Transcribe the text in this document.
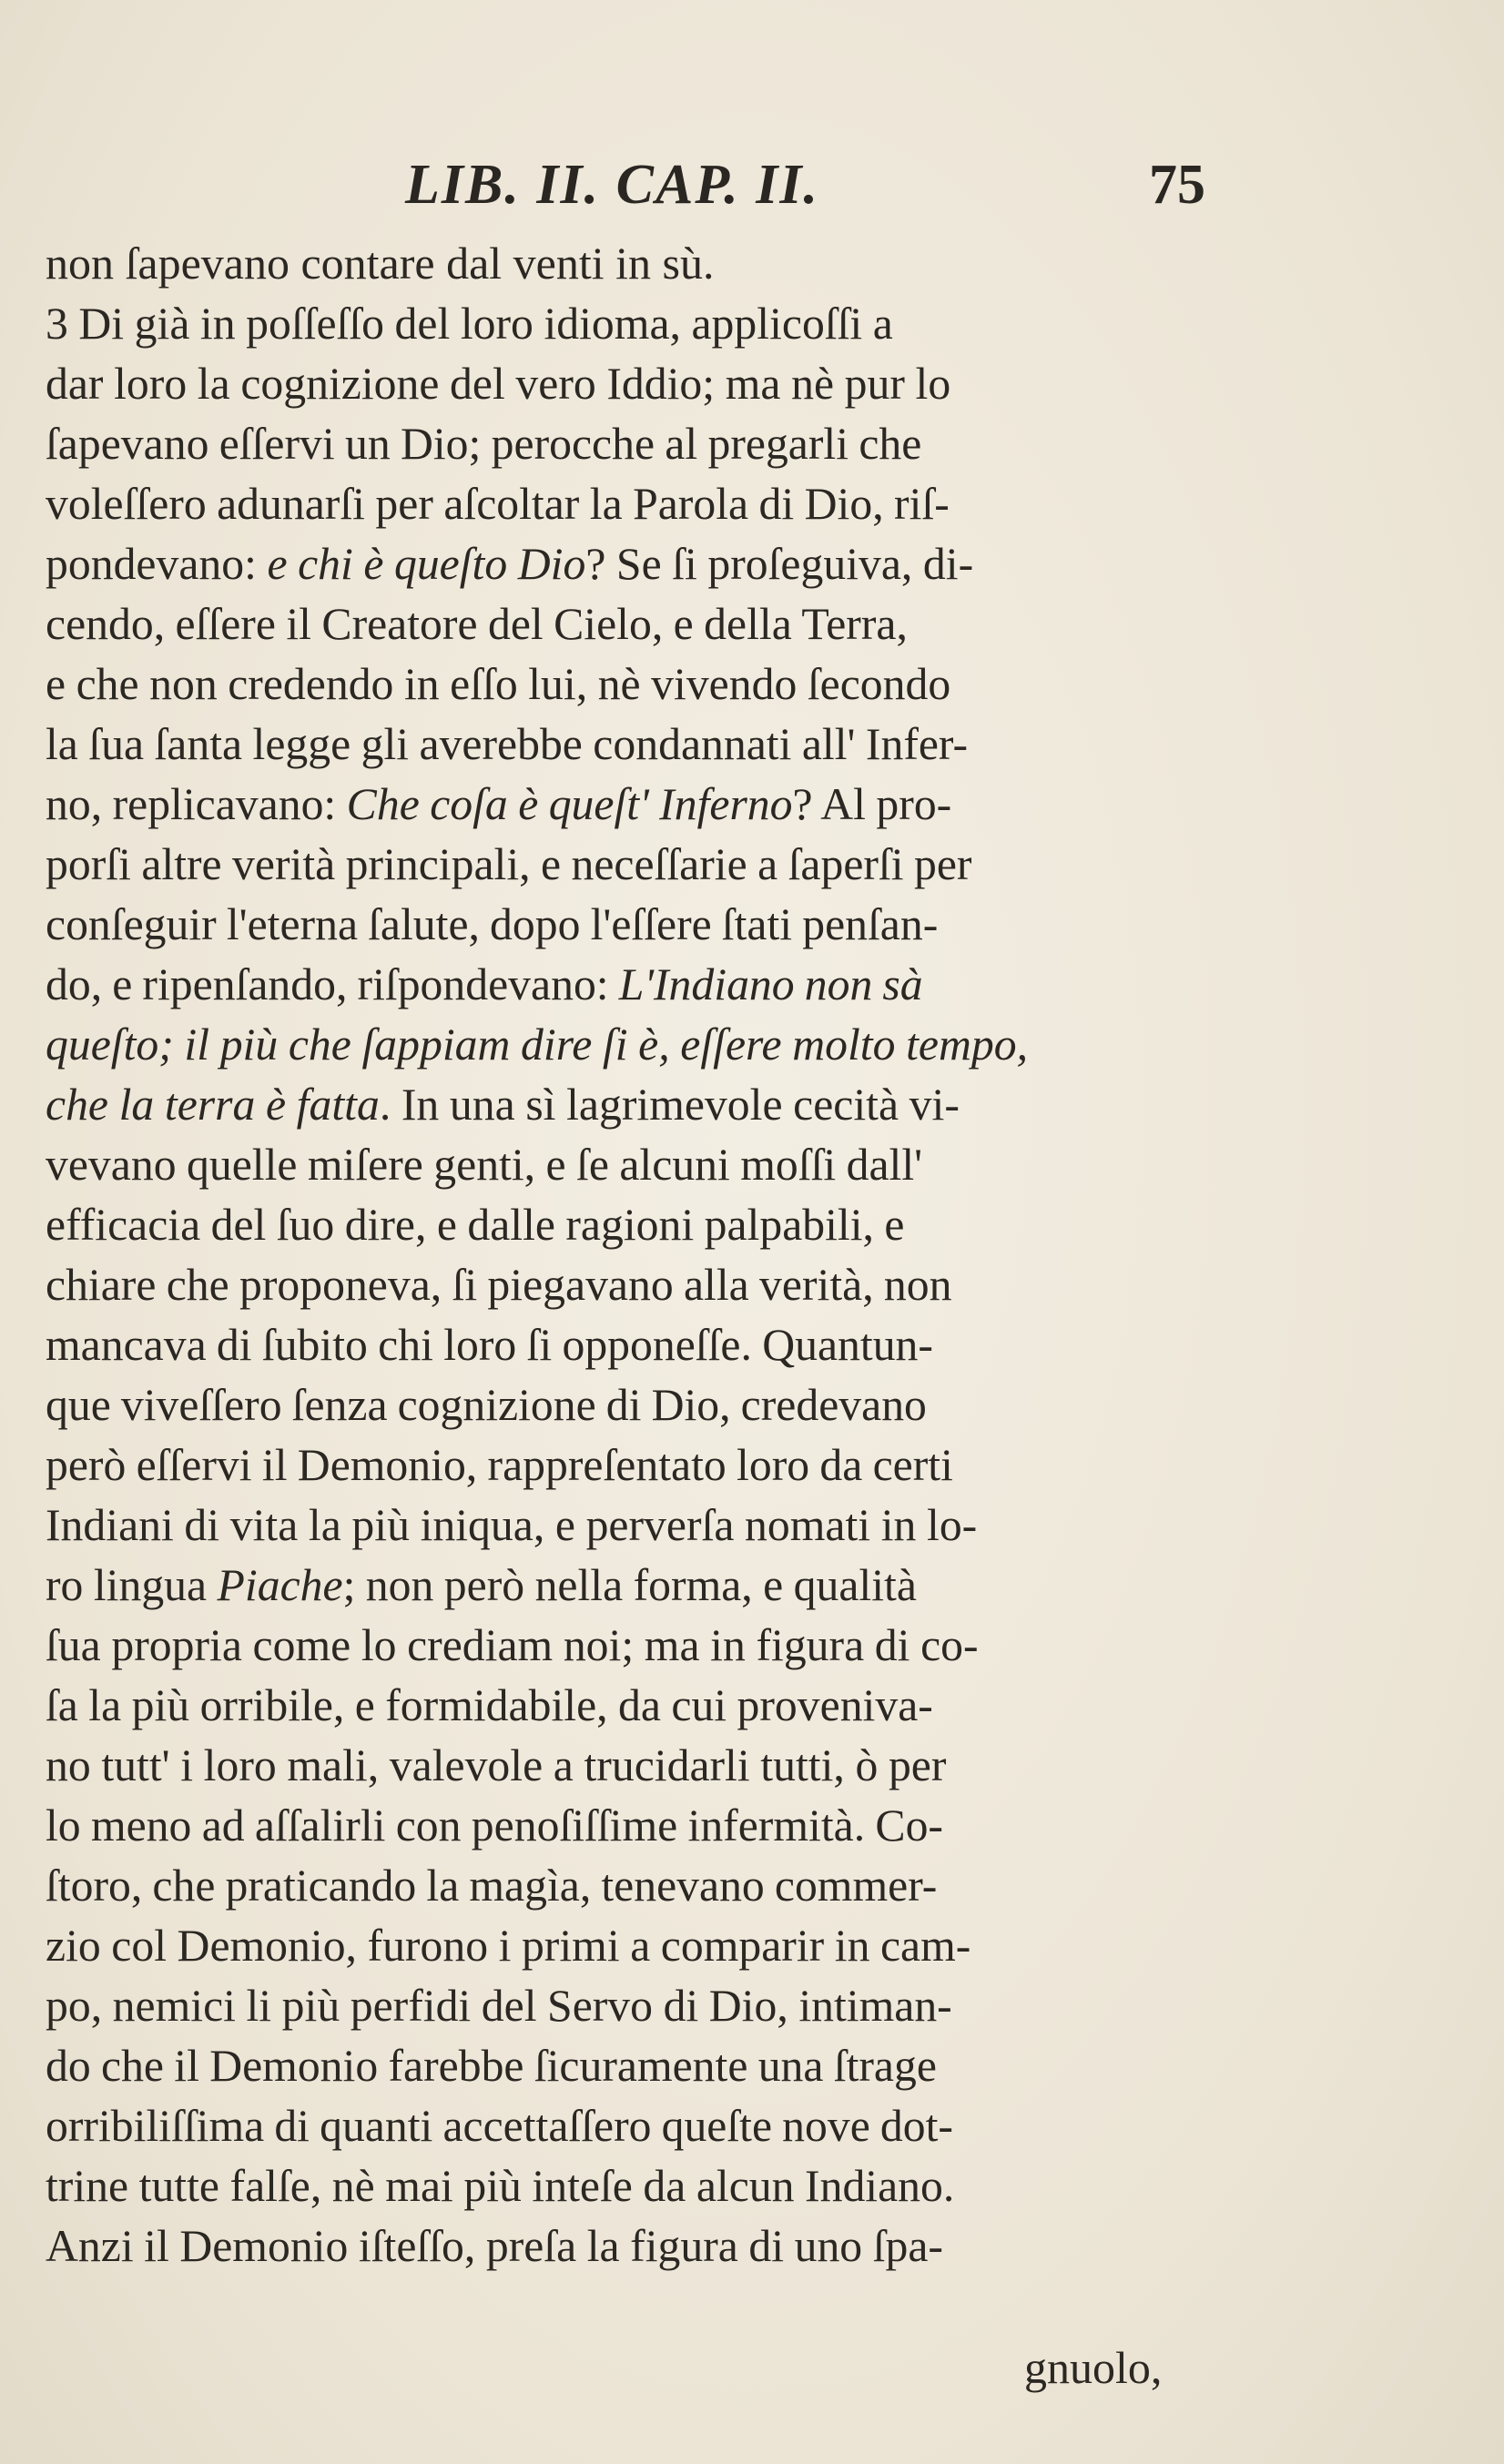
LIB. II. CAP. II.	75
non ſapevano contare dal venti in sù.
3 Di già in poſſeſſo del loro idioma, applicoſſi a
dar loro la cognizione del vero Iddio; ma nè pur lo
ſapevano eſſervi un Dio; perocche al pregarli che
voleſſero adunarſi per aſcoltar la Parola di Dio, riſ-
pondevano: e chi è queſto Dio? Se ſi proſeguiva, di-
cendo, eſſere il Creatore del Cielo, e della Terra,
e che non credendo in eſſo lui, nè vivendo ſecondo
la ſua ſanta legge gli averebbe condannati all' Infer-
no, replicavano: Che coſa è queſt' Inferno? Al pro-
porſi altre verità principali, e neceſſarie a ſaperſi per
conſeguir l'eterna ſalute, dopo l'eſſere ſtati penſan-
do, e ripenſando, riſpondevano: L'Indiano non sà
queſto; il più che ſappiam dire ſi è, eſſere molto tempo,
che la terra è fatta. In una sì lagrimevole cecità vi-
vevano quelle miſere genti, e ſe alcuni moſſi dall'
efficacia del ſuo dire, e dalle ragioni palpabili, e
chiare che proponeva, ſi piegavano alla verità, non
mancava di ſubito chi loro ſi opponeſſe. Quantun-
que viveſſero ſenza cognizione di Dio, credevano
però eſſervi il Demonio, rappreſentato loro da certi
Indiani di vita la più iniqua, e perverſa nomati in lo-
ro lingua Piache; non però nella forma, e qualità
ſua propria come lo crediam noi; ma in figura di co-
ſa la più orribile, e formidabile, da cui proveniva-
no tutt' i loro mali, valevole a trucidarli tutti, ò per
lo meno ad aſſalirli con penoſiſſime infermità. Co-
ſtoro, che praticando la magìa, tenevano commer-
zio col Demonio, furono i primi a comparir in cam-
po, nemici li più perfidi del Servo di Dio, intiman-
do che il Demonio farebbe ſicuramente una ſtrage
orribiliſſima di quanti accettaſſero queſte nove dot-
trine tutte falſe, nè mai più inteſe da alcun Indiano.
Anzi il Demonio iſteſſo, preſa la figura di uno ſpa-
gnuolo,
